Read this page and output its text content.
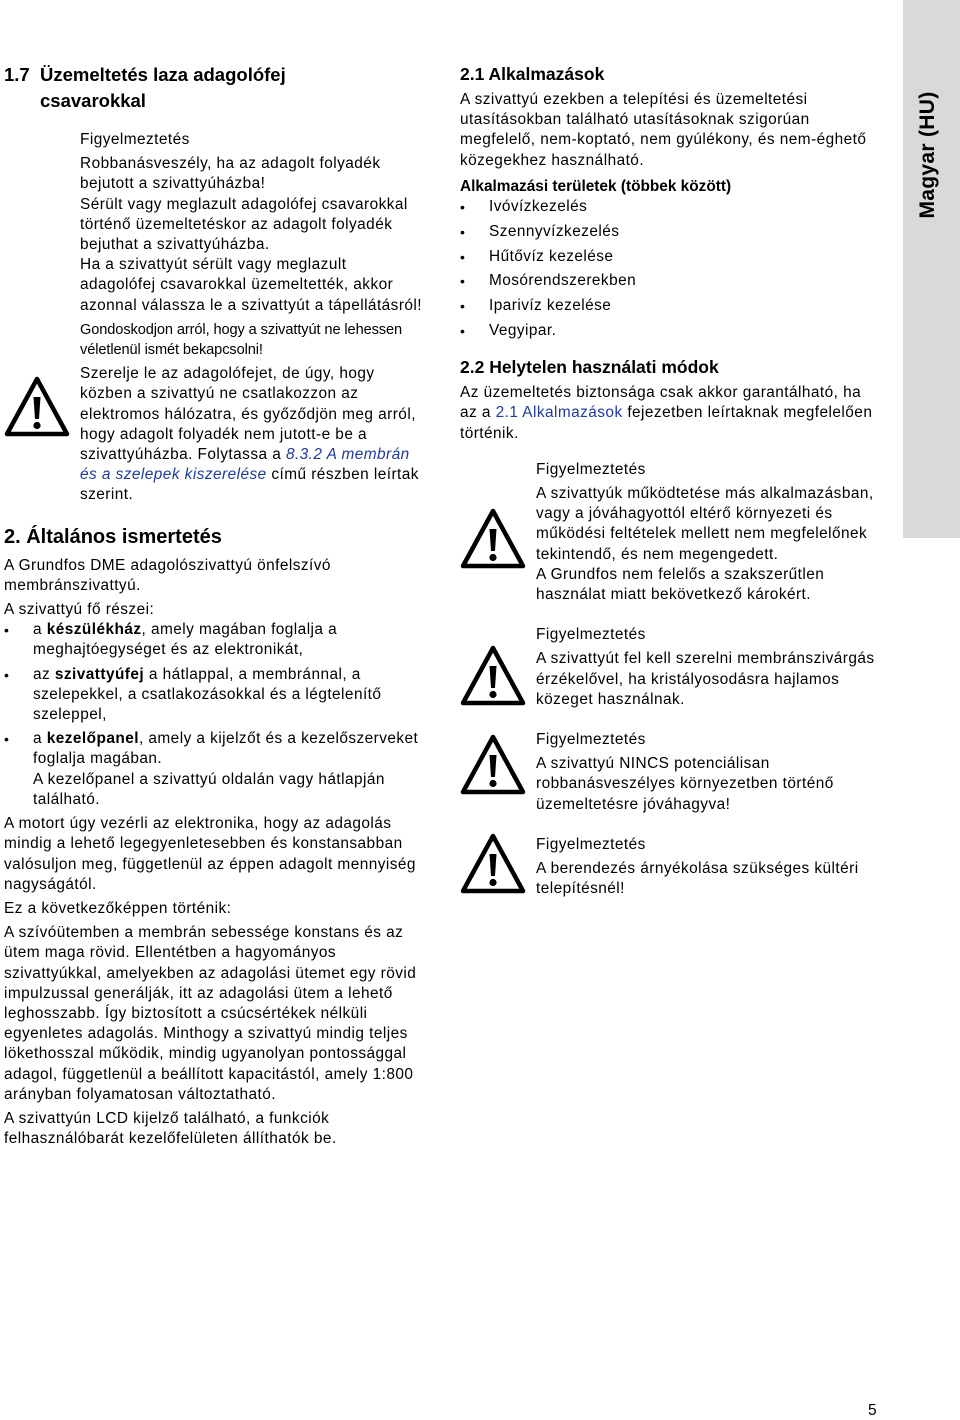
Magyar (HU)
1.7 Üzemeltetés laza adagolófej
csavarokkal

Figyelmeztetés

Robbanásveszély, ha az adagolt folyadék bejutott a szivattyúházba!

Sérült vagy meglazult adagolófej csavarokkal történő üzemeltetéskor az adagolt folyadék bejuthat a szivattyúházba.

Ha a szivattyút sérült vagy meglazult adagolófej csavarokkal üzemeltették, akkor azonnal válassza le a szivattyút a tápellátásról!

Gondoskodjon arról, hogy a szivattyút ne lehessen véletlenül ismét bekapcsolni!

Szerelje le az adagolófejet, de úgy, hogy közben a szivattyú ne csatlakozzon az elektromos hálózatra, és győződjön meg arról, hogy adagolt folyadék nem jutott-e be a szivattyúházba. Folytassa a 8.3.2 A membrán és a szelepek kiszerelése című részben leírtak szerint.

2. Általános ismertetés

A Grundfos DME adagolószivattyú önfelszívó membránszivattyú.

A szivattyú fő részei:

• a készülékház, amely magában foglalja a meghajtóegységet és az elektronikát,
• az szivattyúfej a hátlappal, a membránnal, a szelepekkel, a csatlakozásokkal és a légtelenítő szeleppel,
• a kezelőpanel, amely a kijelzőt és a kezelőszerveket foglalja magában.
A kezelőpanel a szivattyú oldalán vagy hátlapján található.

A motort úgy vezérli az elektronika, hogy az adagolás mindig a lehető legegyenletesebben és konstansabban valósuljon meg, függetlenül az éppen adagolt mennyiség nagyságától.

Ez a következőképpen történik:

A szívóütemben a membrán sebessége konstans és az ütem maga rövid. Ellentétben a hagyományos szivattyúkkal, amelyekben az adagolási ütemet egy rövid impulzussal generálják, itt az adagolási ütem a lehető leghosszabb. Így biztosított a csúcsértékek nélküli egyenletes adagolás. Minthogy a szivattyú mindig teljes lökethosszal működik, mindig ugyanolyan pontossággal adagol, függetlenül a beállított kapacitástól, amely 1:800 arányban folyamatosan változtatható.

A szivattyún LCD kijelző található, a funkciók felhasználóbarát kezelőfelületen állíthatók be.

2.1 Alkalmazások

A szivattyú ezekben a telepítési és üzemeltetési utasításokban található utasításoknak szigorúan megfelelő, nem-koptató, nem gyúlékony, és nem-éghető közegekhez használható.

Alkalmazási területek (többek között)

• Ivóvízkezelés
• Szennyvízkezelés
• Hűtővíz kezelése
• Mosórendszerekben
• Iparivíz kezelése
• Vegyipar.
2.2 Helytelen használati módok

Az üzemeltetés biztonsága csak akkor garantálható, ha az a 2.1 Alkalmazások fejezetben leírtaknak megfelelően történik.

Figyelmeztetés

A szivattyúk működtetése más alkalmazásban, vagy a jóváhagyottól eltérő környezeti és működési feltételek mellett nem megfelelőnek tekintendő, és nem megengedett.

A Grundfos nem felelős a szakszerűtlen használat miatt bekövetkező károkért.

Figyelmeztetés

A szivattyút fel kell szerelni membránszivárgás érzékelővel, ha kristályosodásra hajlamos közeget használnak.

Figyelmeztetés

A szivattyú NINCS potenciálisan robbanásveszélyes környezetben történő üzemeltetésre jóváhagyva!

Figyelmeztetés

A berendezés árnyékolása szükséges kültéri telepítésnél!

5
